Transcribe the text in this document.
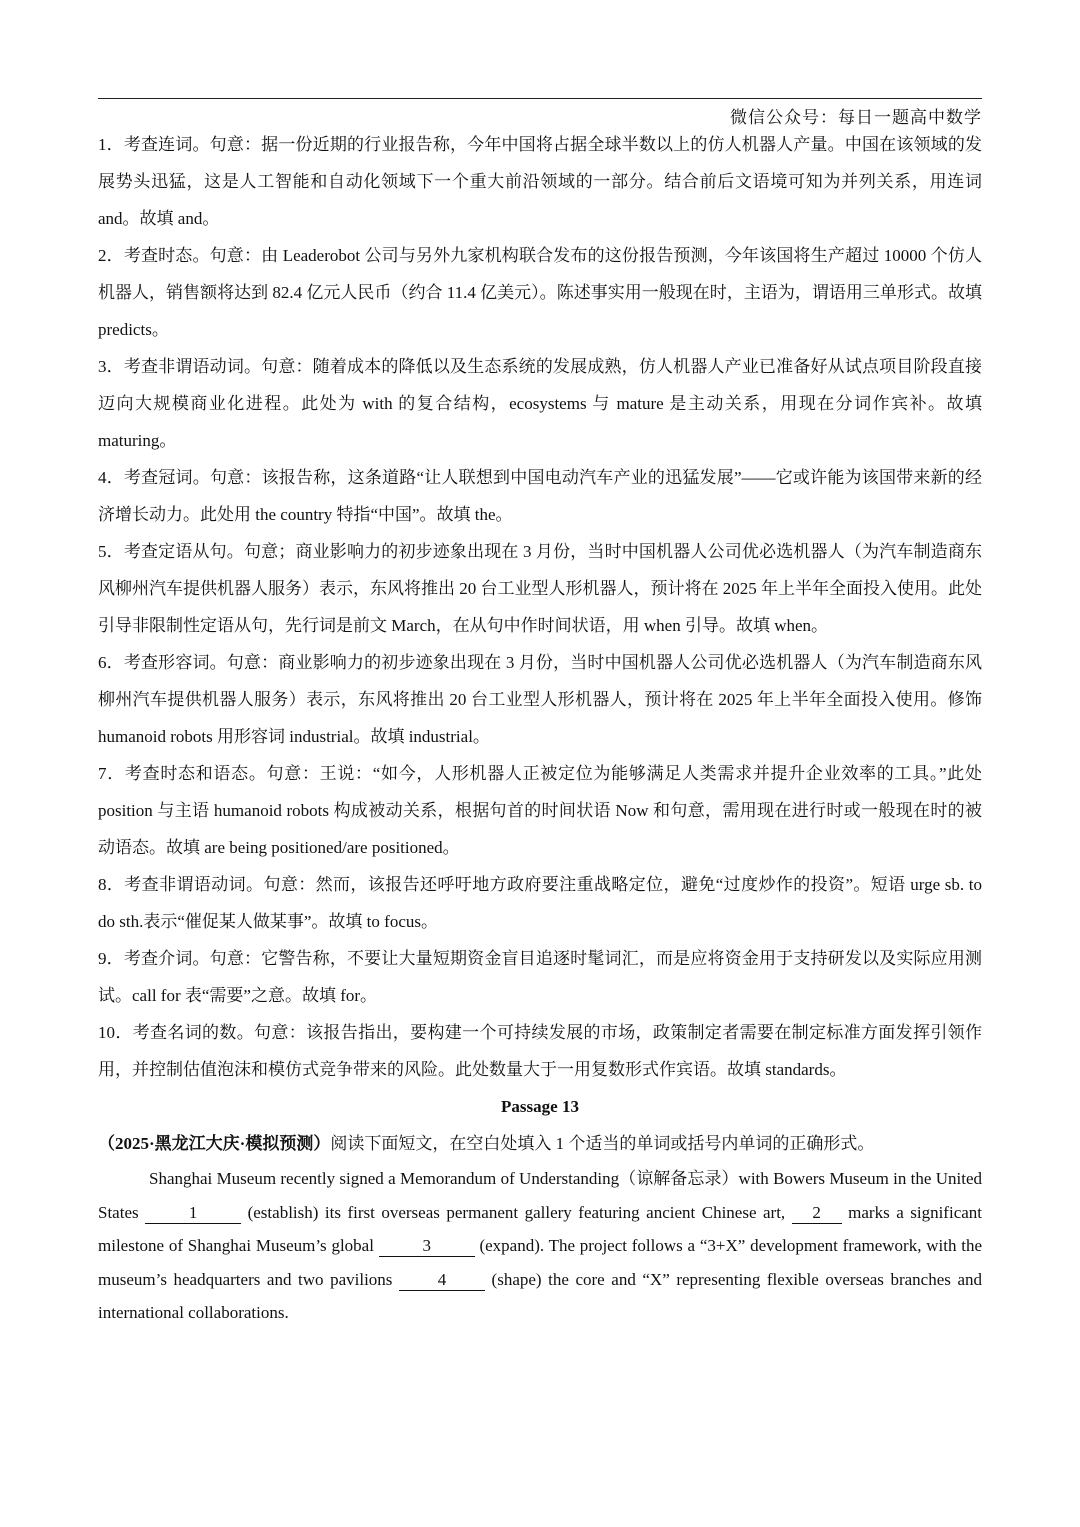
微信公众号：每日一题高中数学

1．考查连词。句意：据一份近期的行业报告称，今年中国将占据全球半数以上的仿人机器人产量。中国在该领域的发展势头迅猛，这是人工智能和自动化领域下一个重大前沿领域的一部分。结合前后文语境可知为并列关系，用连词 and。故填 and。

2．考查时态。句意：由 Leaderobot 公司与另外九家机构联合发布的这份报告预测，今年该国将生产超过 10000 个仿人机器人，销售额将达到 82.4 亿元人民币（约合 11.4 亿美元）。陈述事实用一般现在时，主语为，谓语用三单形式。故填 predicts。

3．考查非谓语动词。句意：随着成本的降低以及生态系统的发展成熟，仿人机器人产业已准备好从试点项目阶段直接迈向大规模商业化进程。此处为 with 的复合结构，ecosystems 与 mature 是主动关系，用现在分词作宾补。故填 maturing。

4．考查冠词。句意：该报告称，这条道路“让人联想到中国电动汽车产业的迅猛发展”——它或许能为该国带来新的经济增长动力。此处用 the country 特指“中国”。故填 the。

5．考查定语从句。句意；商业影响力的初步迹象出现在 3 月份，当时中国机器人公司优必选机器人（为汽车制造商东风柳州汽车提供机器人服务）表示，东风将推出 20 台工业型人形机器人，预计将在 2025 年上半年全面投入使用。此处引导非限制性定语从句，先行词是前文 March，在从句中作时间状语，用 when 引导。故填 when。

6．考查形容词。句意：商业影响力的初步迹象出现在 3 月份，当时中国机器人公司优必选机器人（为汽车制造商东风柳州汽车提供机器人服务）表示，东风将推出 20 台工业型人形机器人，预计将在 2025 年上半年全面投入使用。修饰 humanoid robots 用形容词 industrial。故填 industrial。

7．考查时态和语态。句意：王说：“如今，人形机器人正被定位为能够满足人类需求并提升企业效率的工具。”此处 position 与主语 humanoid robots 构成被动关系，根据句首的时间状语 Now 和句意，需用现在进行时或一般现在时的被动语态。故填 are being positioned/are positioned。

8．考查非谓语动词。句意：然而，该报告还呼吁地方政府要注重战略定位，避免“过度炒作的投资”。短语 urge sb. to do sth.表示“催促某人做某事”。故填 to focus。

9．考查介词。句意：它警告称，不要让大量短期资金盲目追逐时髦词汇，而是应将资金用于支持研发以及实际应用测试。call for 表“需要”之意。故填 for。

10．考查名词的数。句意：该报告指出，要构建一个可持续发展的市场，政策制定者需要在制定标准方面发挥引领作用，并控制估值泡沫和模仿式竞争带来的风险。此处数量大于一用复数形式作宾语。故填 standards。

Passage 13

（2025·黑龙江大庆·模拟预测）阅读下面短文，在空白处填入 1 个适当的单词或括号内单词的正确形式。

Shanghai Museum recently signed a Memorandum of Understanding（谅解备忘录）with Bowers Museum in the United States	1	(establish) its first overseas permanent gallery featuring ancient Chinese art, 2 marks a significant milestone of Shanghai Museum’s global	3	(expand). The project follows a “3+X” development framework, with the museum’s headquarters and two pavilions 4 (shape) the core and “X” representing flexible overseas branches and international collaborations.
